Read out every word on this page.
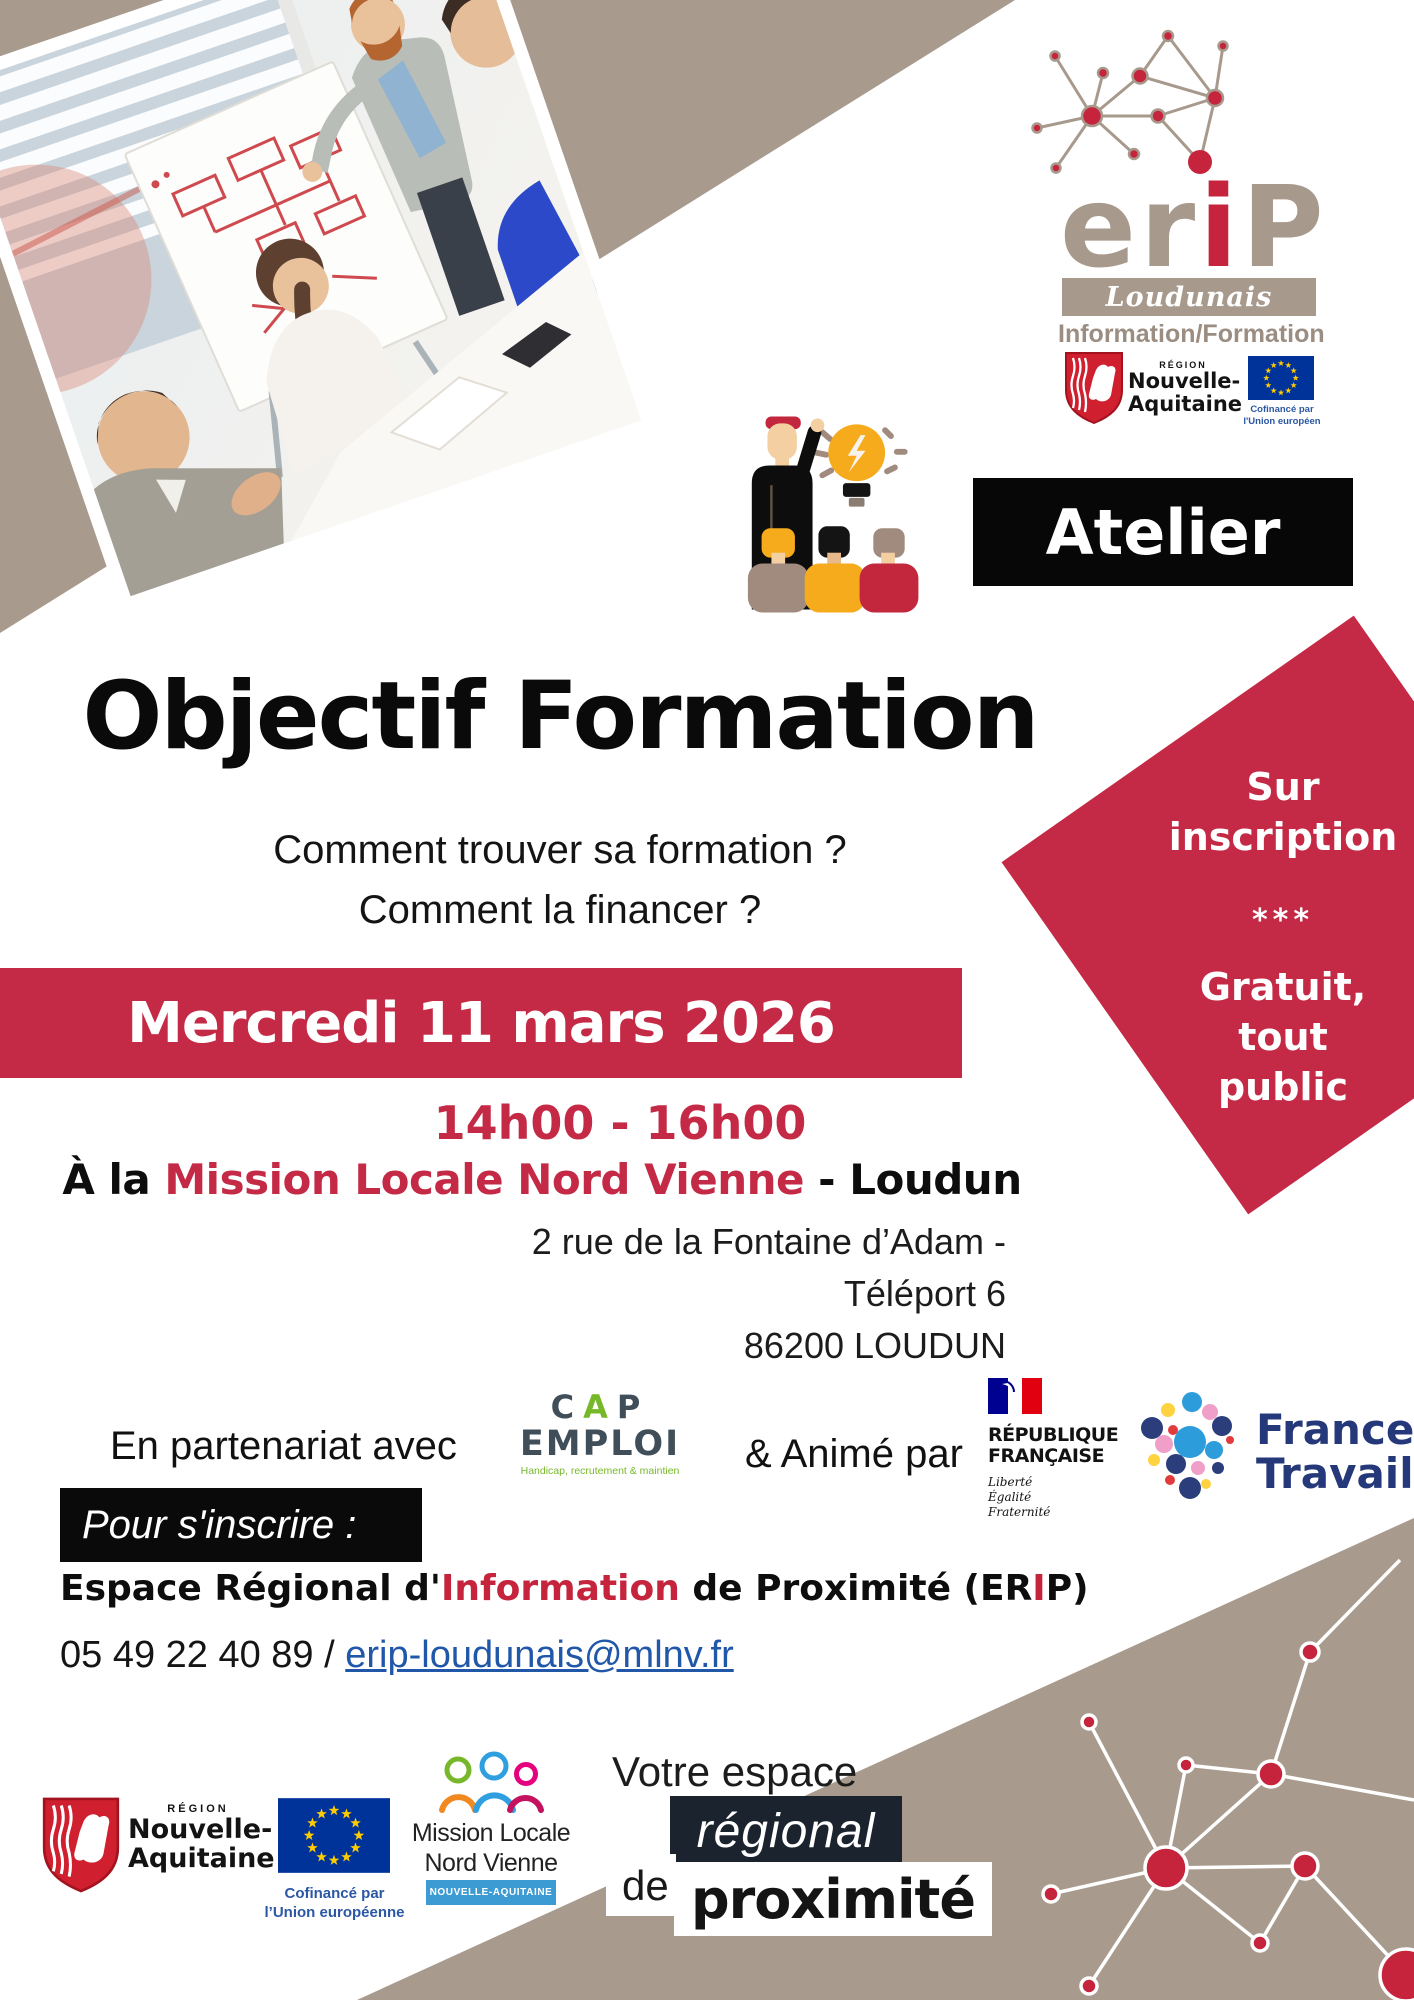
eriP
Loudunais
Information/Formation
RÉGION
Nouvelle-
Aquitaine Cofinancé par
l'Union européen
Atelier
Objectif Formation
Comment trouver sa formation ?
Comment la financer ?
Mercredi 11 mars 2026
14h00 - 16h00
À la Mission Locale Nord Vienne - Loudun
2 rue de la Fontaine d’Adam - Téléport 6
86200 LOUDUN
Sur
inscription
***
Gratuit,
tout
public
En partenariat avec
CAP
EMPLOI
Handicap, recrutement & maintien	& Animé par RÉPUBLIQUE
FRANÇAISE
Liberté
Égalité
Fraternité
France
Travail
Pour s'inscrire :
Espace Régional d'Information de Proximité (ERIP)
05 49 22 40 89 / erip-loudunais@mlnv.fr
RÉGION
Nouvelle-
Aquitaine
Cofinancé par
l’Union européenne
Mission Locale
Nord Vienne
NOUVELLE-AQUITAINE
Votre espace
régional
de proximité
